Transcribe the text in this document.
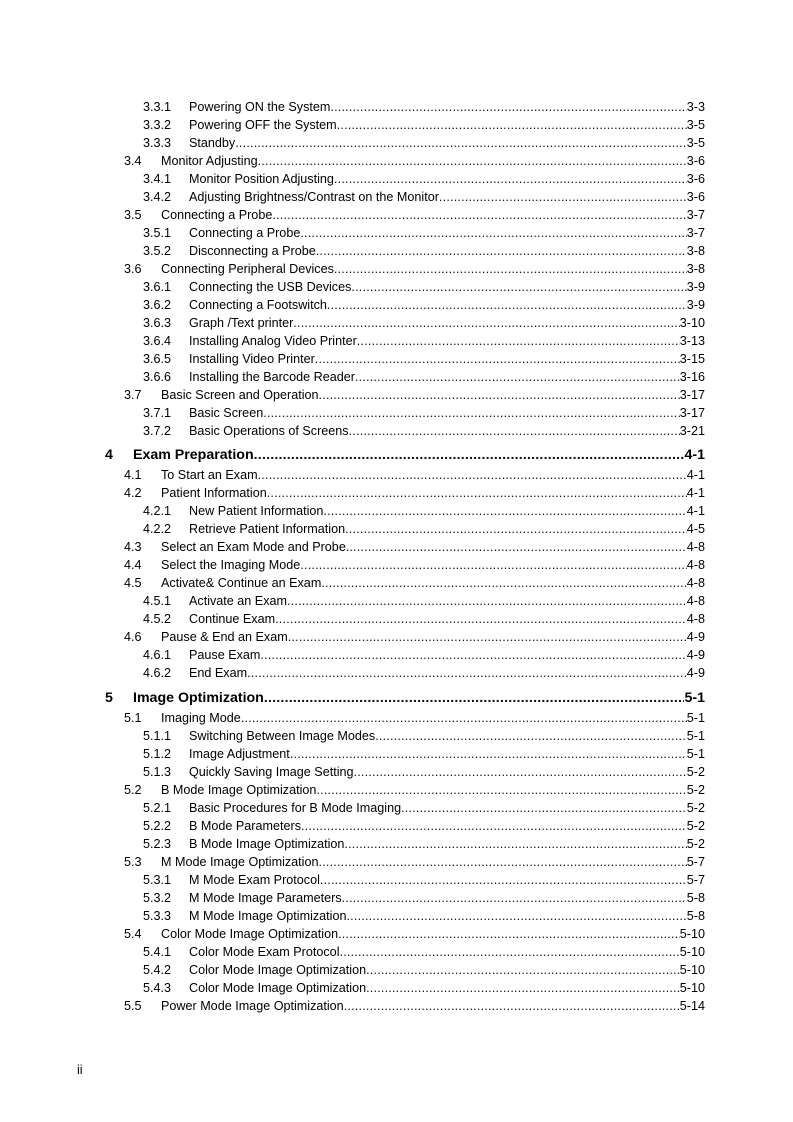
3.3.1	Powering ON the System .....	3-3
3.3.2	Powering OFF the System .....	3-5
3.3.3	Standby .....	3-5
3.4	Monitor Adjusting .....	3-6
3.4.1	Monitor Position Adjusting .....	3-6
3.4.2	Adjusting Brightness/Contrast on the Monitor .....	3-6
3.5	Connecting a Probe .....	3-7
3.5.1	Connecting a Probe .....	3-7
3.5.2	Disconnecting a Probe .....	3-8
3.6	Connecting Peripheral Devices .....	3-8
3.6.1	Connecting the USB Devices .....	3-9
3.6.2	Connecting a Footswitch .....	3-9
3.6.3	Graph /Text printer .....	3-10
3.6.4	Installing Analog Video Printer .....	3-13
3.6.5	Installing Video Printer .....	3-15
3.6.6	Installing the Barcode Reader .....	3-16
3.7	Basic Screen and Operation .....	3-17
3.7.1	Basic Screen .....	3-17
3.7.2	Basic Operations of Screens .....	3-21
4	Exam Preparation .....	4-1
4.1	To Start an Exam .....	4-1
4.2	Patient Information .....	4-1
4.2.1	New Patient Information .....	4-1
4.2.2	Retrieve Patient Information .....	4-5
4.3	Select an Exam Mode and Probe. .....	4-8
4.4	Select the Imaging Mode .....	4-8
4.5	Activate& Continue an Exam .....	4-8
4.5.1	Activate an Exam .....	4-8
4.5.2	Continue Exam .....	4-8
4.6	Pause & End an Exam .....	4-9
4.6.1	Pause Exam .....	4-9
4.6.2	End Exam .....	4-9
5	Image Optimization .....	5-1
5.1	Imaging Mode .....	5-1
5.1.1	Switching Between Image Modes .....	5-1
5.1.2	Image Adjustment .....	5-1
5.1.3	Quickly Saving Image Setting .....	5-2
5.2	B Mode Image Optimization .....	5-2
5.2.1	Basic Procedures for B Mode Imaging .....	5-2
5.2.2	B Mode Parameters .....	5-2
5.2.3	B Mode Image Optimization .....	5-2
5.3	M Mode Image Optimization .....	5-7
5.3.1	M Mode Exam Protocol .....	5-7
5.3.2	M Mode Image Parameters .....	5-8
5.3.3	M Mode Image Optimization .....	5-8
5.4	Color Mode Image Optimization .....	5-10
5.4.1	Color Mode Exam Protocol .....	5-10
5.4.2	Color Mode Image Optimization .....	5-10
5.4.3	Color Mode Image Optimization .....	5-10
5.5	Power Mode Image Optimization .....	5-14
ii
